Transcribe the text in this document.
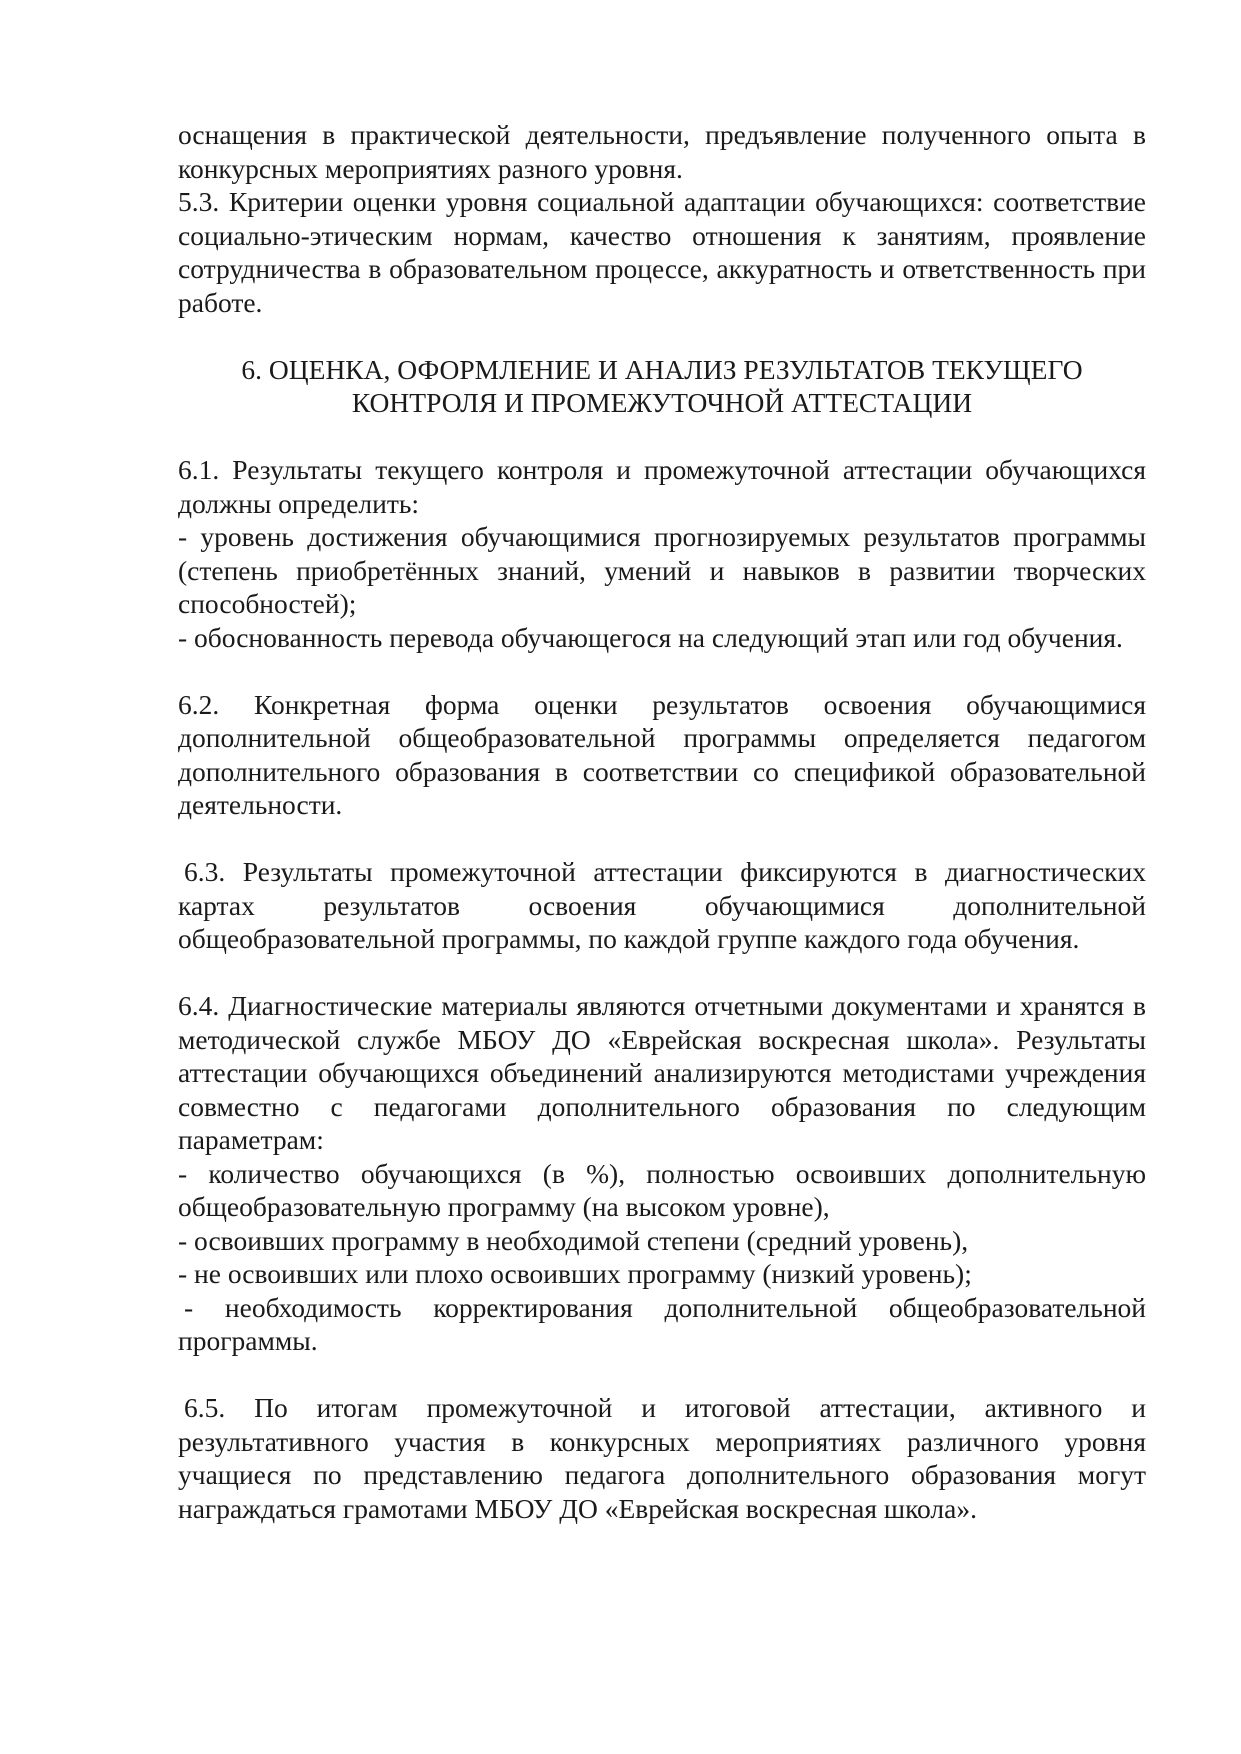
оснащения в практической деятельности, предъявление полученного опыта в конкурсных мероприятиях разного уровня.

5.3. Критерии оценки уровня социальной адаптации обучающихся: соответствие социально-этическим нормам, качество отношения к занятиям, проявление сотрудничества в образовательном процессе, аккуратность и ответственность при работе.

6. ОЦЕНКА, ОФОРМЛЕНИЕ И АНАЛИЗ РЕЗУЛЬТАТОВ ТЕКУЩЕГО

КОНТРОЛЯ И ПРОМЕЖУТОЧНОЙ АТТЕСТАЦИИ

6.1. Результаты текущего контроля и промежуточной аттестации обучающихся должны определить:

- уровень достижения обучающимися прогнозируемых результатов программы (степень приобретённых знаний, умений и навыков в развитии творческих способностей);

- обоснованность перевода обучающегося на следующий этап или год обучения.

6.2. Конкретная форма оценки результатов освоения обучающимися дополнительной общеобразовательной программы определяется педагогом дополнительного образования в соответствии со спецификой образовательной деятельности.

6.3. Результаты промежуточной аттестации фиксируются в диагностических картах результатов освоения обучающимися дополнительной общеобразовательной программы, по каждой группе каждого года обучения.

6.4. Диагностические материалы являются отчетными документами и хранятся в методической службе МБОУ ДО «Еврейская воскресная школа». Результаты аттестации обучающихся объединений анализируются методистами учреждения совместно с педагогами дополнительного образования по следующим параметрам:

- количество обучающихся (в %), полностью освоивших дополнительную общеобразовательную программу (на высоком уровне),

- освоивших программу в необходимой степени (средний уровень),

- не освоивших или плохо освоивших программу (низкий уровень);

- необходимость корректирования дополнительной общеобразовательной программы.

6.5. По итогам промежуточной и итоговой аттестации, активного и результативного участия в конкурсных мероприятиях различного уровня учащиеся по представлению педагога дополнительного образования могут награждаться грамотами МБОУ ДО «Еврейская воскресная школа».
